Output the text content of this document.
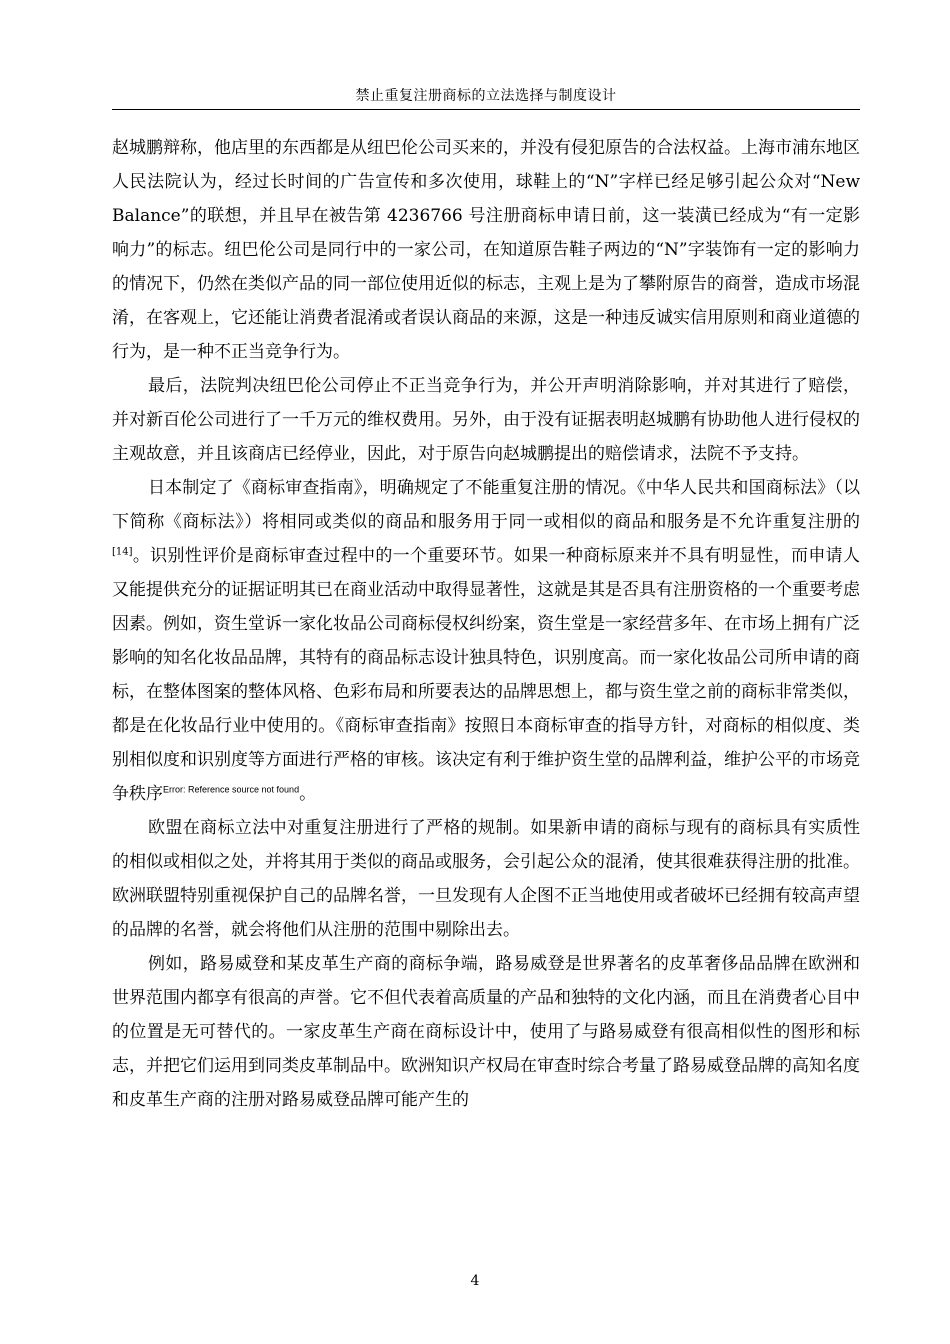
禁止重复注册商标的立法选择与制度设计

赵城鹏辩称，他店里的东西都是从纽巴伦公司买来的，并没有侵犯原告的合法权益。上海市浦东地区人民法院认为，经过长时间的广告宣传和多次使用，球鞋上的“N”字样已经足够引起公众对“New Balance”的联想，并且早在被告第 4236766 号注册商标申请日前，这一装潢已经成为“有一定影响力”的标志。纽巴伦公司是同行中的一家公司，在知道原告鞋子两边的“N”字装饰有一定的影响力的情况下，仍然在类似产品的同一部位使用近似的标志，主观上是为了攀附原告的商誉，造成市场混淆，在客观上，它还能让消费者混淆或者误认商品的来源，这是一种违反诚实信用原则和商业道德的行为，是一种不正当竞争行为。

最后，法院判决纽巴伦公司停止不正当竞争行为，并公开声明消除影响，并对其进行了赔偿，并对新百伦公司进行了一千万元的维权费用。另外，由于没有证据表明赵城鹏有协助他人进行侵权的主观故意，并且该商店已经停业，因此，对于原告向赵城鹏提出的赔偿请求，法院不予支持。

日本制定了《商标审查指南》，明确规定了不能重复注册的情况。《中华人民共和国商标法》（以下简称《商标法》）将相同或类似的商品和服务用于同一或相似的商品和服务是不允许重复注册的[14]。识别性评价是商标审查过程中的一个重要环节。如果一种商标原来并不具有明显性，而申请人又能提供充分的证据证明其已在商业活动中取得显著性，这就是其是否具有注册资格的一个重要考虑因素。例如，资生堂诉一家化妆品公司商标侵权纠纷案，资生堂是一家经营多年、在市场上拥有广泛影响的知名化妆品品牌，其特有的商品标志设计独具特色，识别度高。而一家化妆品公司所申请的商标，在整体图案的整体风格、色彩布局和所要表达的品牌思想上，都与资生堂之前的商标非常类似，都是在化妆品行业中使用的。《商标审查指南》按照日本商标审查的指导方针，对商标的相似度、类别相似度和识别度等方面进行严格的审核。该决定有利于维护资生堂的品牌利益，维护公平的市场竞争秩序$^{Error: Reference source not found}$。

欧盟在商标立法中对重复注册进行了严格的规制。如果新申请的商标与现有的商标具有实质性的相似或相似之处，并将其用于类似的商品或服务，会引起公众的混淆，使其很难获得注册的批准。欧洲联盟特别重视保护自己的品牌名誉，一旦发现有人企图不正当地使用或者破坏已经拥有较高声望的品牌的名誉，就会将他们从注册的范围中剔除出去。

例如，路易威登和某皮革生产商的商标争端，路易威登是世界著名的皮革奢侈品品牌在欧洲和世界范围内都享有很高的声誉。它不但代表着高质量的产品和独特的文化内涵，而且在消费者心目中的位置是无可替代的。一家皮革生产商在商标设计中，使用了与路易威登有很高相似性的图形和标志，并把它们运用到同类皮革制品中。欧洲知识产权局在审查时综合考量了路易威登品牌的高知名度和皮革生产商的注册对路易威登品牌可能产生的

4
